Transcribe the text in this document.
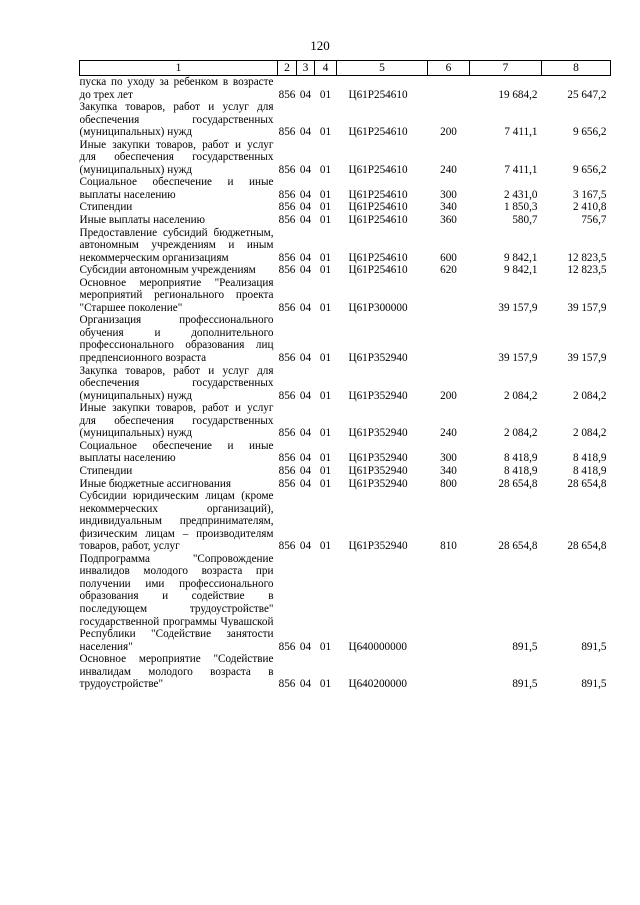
120
1	2	3	4	5	6	7	8
пуска по уходу за ребенком в возрасте до трех лет	856	04	01	Ц61Р254610		19 684,2	25 647,2
Закупка товаров, работ и услуг для обеспечения государственных (муниципальных) нужд	856	04	01	Ц61Р254610	200	7 411,1	9 656,2
Иные закупки товаров, работ и услуг для обеспечения государственных (муниципальных) нужд	856	04	01	Ц61Р254610	240	7 411,1	9 656,2
Социальное обеспечение и иные выплаты населению	856	04	01	Ц61Р254610	300	2 431,0	3 167,5
Стипендии	856	04	01	Ц61Р254610	340	1 850,3	2 410,8
Иные выплаты населению	856	04	01	Ц61Р254610	360	580,7	756,7
Предоставление субсидий бюджетным, автономным учреждениям и иным некоммерческим организациям	856	04	01	Ц61Р254610	600	9 842,1	12 823,5
Субсидии автономным учреждениям	856	04	01	Ц61Р254610	620	9 842,1	12 823,5
Основное мероприятие "Реализация мероприятий регионального проекта "Старшее поколение"	856	04	01	Ц61Р300000		39 157,9	39 157,9
Организация профессионального обучения и дополнительного профессионального образования лиц предпенсионного возраста	856	04	01	Ц61Р352940		39 157,9	39 157,9
Закупка товаров, работ и услуг для обеспечения государственных (муниципальных) нужд	856	04	01	Ц61Р352940	200	2 084,2	2 084,2
Иные закупки товаров, работ и услуг для обеспечения государственных (муниципальных) нужд	856	04	01	Ц61Р352940	240	2 084,2	2 084,2
Социальное обеспечение и иные выплаты населению	856	04	01	Ц61Р352940	300	8 418,9	8 418,9
Стипендии	856	04	01	Ц61Р352940	340	8 418,9	8 418,9
Иные бюджетные ассигнования	856	04	01	Ц61Р352940	800	28 654,8	28 654,8
Субсидии юридическим лицам (кроме некоммерческих организаций), индивидуальным предпринимателям, физическим лицам – производителям товаров, работ, услуг	856	04	01	Ц61Р352940	810	28 654,8	28 654,8
Подпрограмма "Сопровождение инвалидов молодого возраста при получении ими профессионального образования и содействие в последующем трудоустройстве" государственной программы Чувашской Республики "Содействие занятости населения"	856	04	01	Ц640000000		891,5	891,5
Основное мероприятие "Содействие инвалидам молодого возраста в трудоустройстве"	856	04	01	Ц640200000		891,5	891,5
